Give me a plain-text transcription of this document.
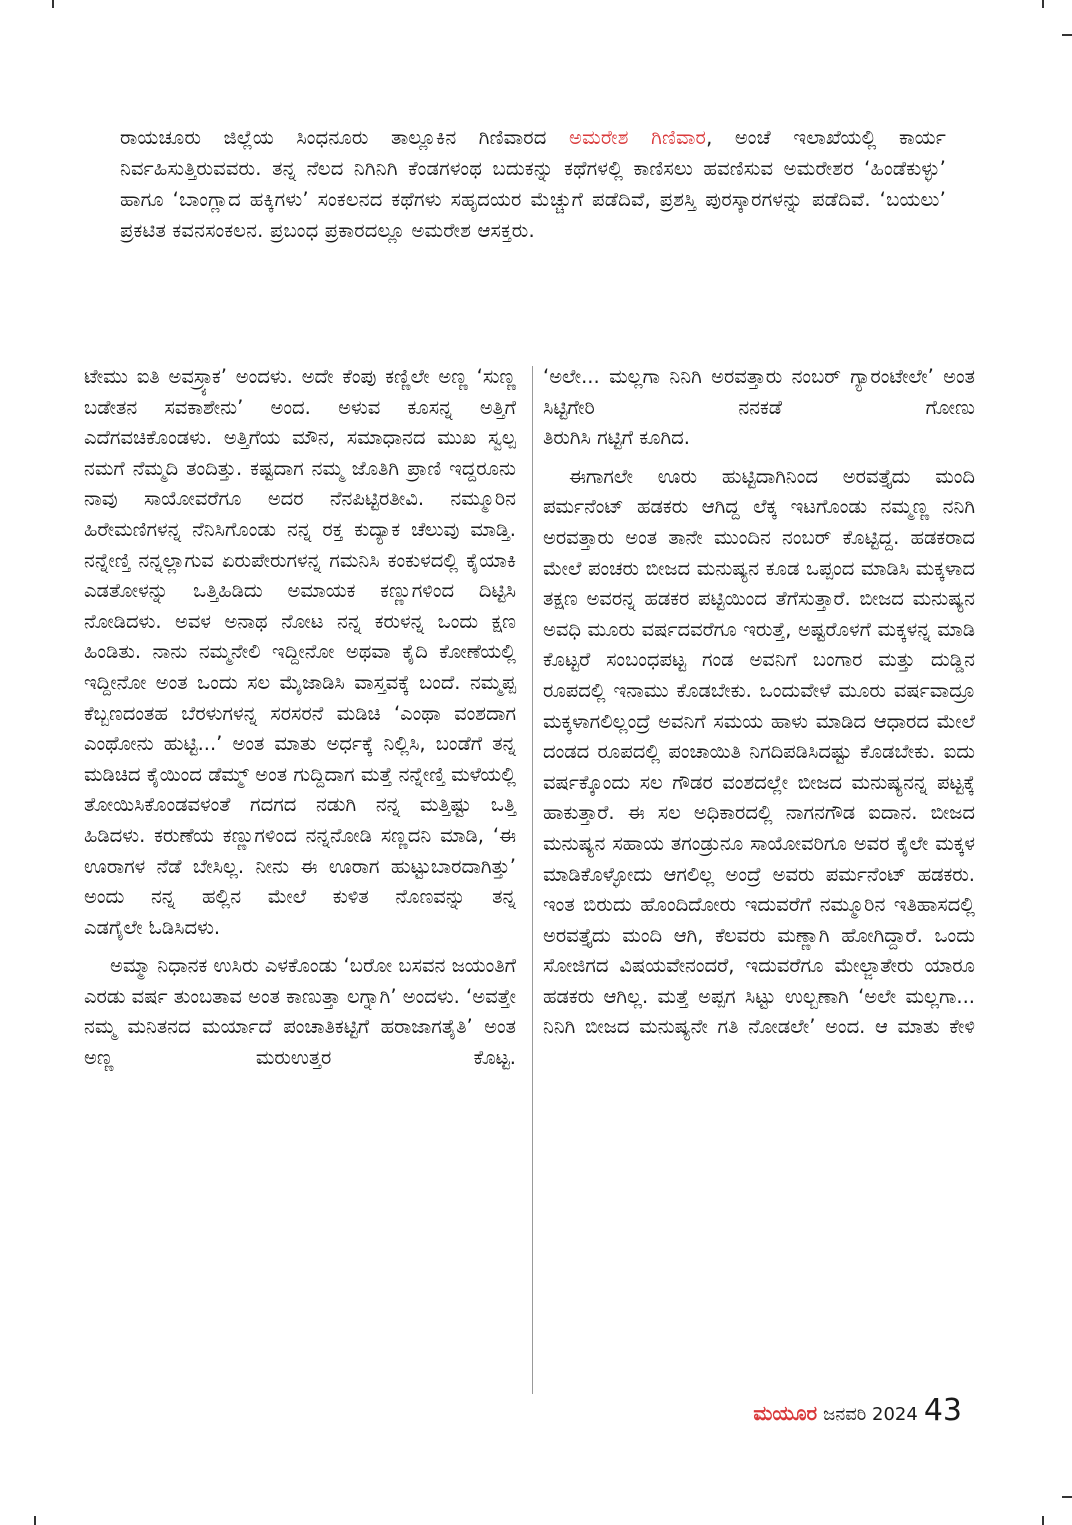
ರಾಯಚೂರು ಜಿಲ್ಲೆಯ ಸಿಂಧನೂರು ತಾಲ್ಲೂಕಿನ ಗಿಣಿವಾರದ ಅಮರೇಶ ಗಿಣಿವಾರ, ಅಂಚೆ ಇಲಾಖೆಯಲ್ಲಿ ಕಾರ್ಯ ನಿರ್ವಹಿಸುತ್ತಿರುವವರು. ತನ್ನ ನೆಲದ ನಿಗಿನಿಗಿ ಕೆಂಡಗಳಂಥ ಬದುಕನ್ನು ಕಥೆಗಳಲ್ಲಿ ಕಾಣಿಸಲು ಹವಣಿಸುವ ಅಮರೇಶರ ‘ಹಿಂಡೆಕುಳ್ಳು’ ಹಾಗೂ ‘ಬಾಂಗ್ಲಾದ ಹಕ್ಕಿಗಳು’ ಸಂಕಲನದ ಕಥೆಗಳು ಸಹೃದಯರ ಮೆಚ್ಚುಗೆ ಪಡೆದಿವೆ, ಪ್ರಶಸ್ತಿ ಪುರಸ್ಕಾರಗಳನ್ನು ಪಡೆದಿವೆ. ‘ಬಯಲು’ ಪ್ರಕಟಿತ ಕವನಸಂಕಲನ. ಪ್ರಬಂಧ ಪ್ರಕಾರದಲ್ಲೂ ಅಮರೇಶ ಆಸಕ್ತರು.

ಟೇಮು ಐತಿ ಅವಸ್ರ್ಯಾಕ’ ಅಂದಳು. ಅದೇ ಕೆಂಪು ಕಣ್ಣಿಲೇ ಅಣ್ಣ ‘ಸುಣ್ಣ ಬಡೇತನ ಸವಕಾಶೇನು’ ಅಂದ. ಅಳುವ ಕೂಸನ್ನ ಅತ್ತಿಗೆ ಎದೆಗವಚಿಕೊಂಡಳು. ಅತ್ತಿಗೆಯ ಮೌನ, ಸಮಾಧಾನದ ಮುಖ ಸ್ವಲ್ಪ ನಮಗೆ ನೆಮ್ಮದಿ ತಂದಿತ್ತು. ಕಷ್ಟದಾಗ ನಮ್ಮ ಜೊತಿಗಿ ಪ್ರಾಣಿ ಇದ್ದರೂನು ನಾವು ಸಾಯೋವರೆಗೂ ಅದರ ನೆನಪಿಟ್ಟಿರತೀವಿ. ನಮ್ಮೂರಿನ ಹಿರೇಮಣಿಗಳನ್ನ ನೆನಿಸಿಗೊಂಡು ನನ್ನ ರಕ್ತ ಕುದ್ಯಾಕ ಚೆಲುವು ಮಾಡ್ತಿ. ನನ್ನೇಣ್ತಿ ನನ್ನಲ್ಲಾಗುವ ಏರುಪೇರುಗಳನ್ನ ಗಮನಿಸಿ ಕಂಕುಳದಲ್ಲಿ ಕೈಯಾಕಿ ಎಡತೋಳನ್ನು ಒತ್ತಿಹಿಡಿದು ಅಮಾಯಕ ಕಣ್ಣುಗಳಿಂದ ದಿಟ್ಟಿಸಿ ನೋಡಿದಳು. ಅವಳ ಅನಾಥ ನೋಟ ನನ್ನ ಕರುಳನ್ನ ಒಂದು ಕ್ಷಣ ಹಿಂಡಿತು. ನಾನು ನಮ್ಮನೇಲಿ ಇದ್ದೀನೋ ಅಥವಾ ಕೈದಿ ಕೋಣೆಯಲ್ಲಿ ಇದ್ದೀನೋ ಅಂತ ಒಂದು ಸಲ ಮೈಜಾಡಿಸಿ ವಾಸ್ತವಕ್ಕೆ ಬಂದೆ. ನಮ್ಮಪ್ಪ ಕೆಬ್ಬಣದಂತಹ ಬೆರಳುಗಳನ್ನ ಸರಸರನೆ ಮಡಿಚಿ ‘ಎಂಥಾ ವಂಶದಾಗ ಎಂಥೋನು ಹುಟ್ಟಿ...’ ಅಂತ ಮಾತು ಅರ್ಧಕ್ಕೆ ನಿಲ್ಲಿಸಿ, ಬಂಡೆಗೆ ತನ್ನ ಮಡಿಚಿದ ಕೈಯಿಂದ ಡೆಮ್ಮ್ ಅಂತ ಗುದ್ದಿದಾಗ ಮತ್ತೆ ನನ್ನೇಣ್ತಿ ಮಳೆಯಲ್ಲಿ ತೋಯಿಸಿಕೊಂಡವಳಂತೆ ಗದಗದ ನಡುಗಿ ನನ್ನ ಮತ್ತಿಷ್ಟು ಒತ್ತಿ ಹಿಡಿದಳು. ಕರುಣೆಯ ಕಣ್ಣುಗಳಿಂದ ನನ್ನನೋಡಿ ಸಣ್ಣದನಿ ಮಾಡಿ, ‘ಈ ಊರಾಗಳ ನೆಡೆ ಬೇಸಿಲ್ಲ. ನೀನು ಈ ಊರಾಗ ಹುಟ್ಟುಬಾರದಾಗಿತ್ತು’ ಅಂದು ನನ್ನ ಹಲ್ಲಿನ ಮೇಲೆ ಕುಳಿತ ನೊಣವನ್ನು ತನ್ನ
ಎಡಗೈಲೇ ಓಡಿಸಿದಳು.

ಅಮ್ಮಾ ನಿಧಾನಕ ಉಸಿರು ಎಳಕೊಂಡು ‘ಬರೋ ಬಸವನ ಜಯಂತಿಗೆ ಎರಡು ವರ್ಷ ತುಂಬತಾವ ಅಂತ ಕಾಣುತ್ತಾ ಲಗ್ನಾಗಿ’ ಅಂದಳು. ‘ಅವತ್ತೇ ನಮ್ಮ ಮನಿತನದ ಮರ್ಯಾದೆ ಪಂಚಾತಿಕಟ್ಟಿಗೆ ಹರಾಜಾಗತೈತಿ’ ಅಂತ ಅಣ್ಣ ಮರುಉತ್ತರ ಕೊಟ್ಟ.

‘ಅಲೇ... ಮಲ್ಲಗಾ ನಿನಿಗಿ ಅರವತ್ತಾರು ನಂಬರ್ ಗ್ಯಾರಂಟೇಲೇ’ ಅಂತ ಸಿಟ್ಟಿಗೇರಿ ನನಕಡೆ ಗೋಣು
ತಿರುಗಿಸಿ ಗಟ್ಟಿಗೆ ಕೂಗಿದ.

ಈಗಾಗಲೇ ಊರು ಹುಟ್ಟಿದಾಗಿನಿಂದ ಅರವತ್ತೈದು ಮಂದಿ ಪರ್ಮನೆಂಟ್ ಹಡಕರು ಆಗಿದ್ದ ಲೆಕ್ಕ ಇಟಗೊಂಡು ನಮ್ಮಣ್ಣ ನನಿಗಿ ಅರವತ್ತಾರು ಅಂತ ತಾನೇ ಮುಂದಿನ ನಂಬರ್ ಕೊಟ್ಟಿದ್ದ. ಹಡಕರಾದ ಮೇಲೆ ಪಂಚರು ಬೀಜದ ಮನುಷ್ಯನ ಕೂಡ ಒಪ್ಪಂದ ಮಾಡಿಸಿ ಮಕ್ಕಳಾದ ತಕ್ಷಣ ಅವರನ್ನ ಹಡಕರ ಪಟ್ಟಿಯಿಂದ ತೆಗೆಸುತ್ತಾರೆ. ಬೀಜದ ಮನುಷ್ಯನ ಅವಧಿ ಮೂರು ವರ್ಷದವರೆಗೂ ಇರುತ್ತೆ, ಅಷ್ಟರೊಳಗೆ ಮಕ್ಕಳನ್ನ ಮಾಡಿ ಕೊಟ್ಟರೆ ಸಂಬಂಧಪಟ್ಟ ಗಂಡ ಅವನಿಗೆ ಬಂಗಾರ ಮತ್ತು ದುಡ್ಡಿನ ರೂಪದಲ್ಲಿ ಇನಾಮು ಕೊಡಬೇಕು. ಒಂದುವೇಳೆ ಮೂರು ವರ್ಷವಾದ್ರೂ ಮಕ್ಕಳಾಗಲಿಲ್ಲಂದ್ರೆ ಅವನಿಗೆ ಸಮಯ ಹಾಳು ಮಾಡಿದ ಆಧಾರದ ಮೇಲೆ ದಂಡದ ರೂಪದಲ್ಲಿ ಪಂಚಾಯಿತಿ ನಿಗದಿಪಡಿಸಿದಷ್ಟು ಕೊಡಬೇಕು. ಐದು ವರ್ಷಕ್ಕೊಂದು ಸಲ ಗೌಡರ ವಂಶದಲ್ಲೇ ಬೀಜದ ಮನುಷ್ಯನನ್ನ ಪಟ್ಟಕ್ಕೆ ಹಾಕುತ್ತಾರೆ. ಈ ಸಲ ಅಧಿಕಾರದಲ್ಲಿ ನಾಗನಗೌಡ ಐದಾನ. ಬೀಜದ ಮನುಷ್ಯನ ಸಹಾಯ ತಗಂಡ್ರುನೂ ಸಾಯೋವರಿಗೂ ಅವರ ಕೈಲೇ ಮಕ್ಕಳ ಮಾಡಿಕೊಳ್ಳೋದು ಆಗಲಿಲ್ಲ ಅಂದ್ರೆ ಅವರು ಪರ್ಮನೆಂಟ್ ಹಡಕರು. ಇಂತ ಬಿರುದು ಹೊಂದಿದೋರು ಇದುವರೆಗೆ ನಮ್ಮೂರಿನ ಇತಿಹಾಸದಲ್ಲಿ ಅರವತ್ತೈದು ಮಂದಿ ಆಗಿ, ಕೆಲವರು ಮಣ್ಣಾಗಿ ಹೋಗಿದ್ದಾರೆ. ಒಂದು ಸೋಜಿಗದ ವಿಷಯವೇನಂದರೆ, ಇದುವರೆಗೂ ಮೇಲ್ಜಾತೇರು ಯಾರೂ ಹಡಕರು ಆಗಿಲ್ಲ. ಮತ್ತೆ ಅಪ್ಪಗ ಸಿಟ್ಟು ಉಲ್ಬಣಾಗಿ ‘ಅಲೇ ಮಲ್ಲಗಾ... ನಿನಿಗಿ ಬೀಜದ ಮನುಷ್ಯನೇ ಗತಿ ನೋಡಲೇ’ ಅಂದ. ಆ ಮಾತು ಕೇಳಿ

ಮಯೂರ ಜನವರಿ 2024 43
